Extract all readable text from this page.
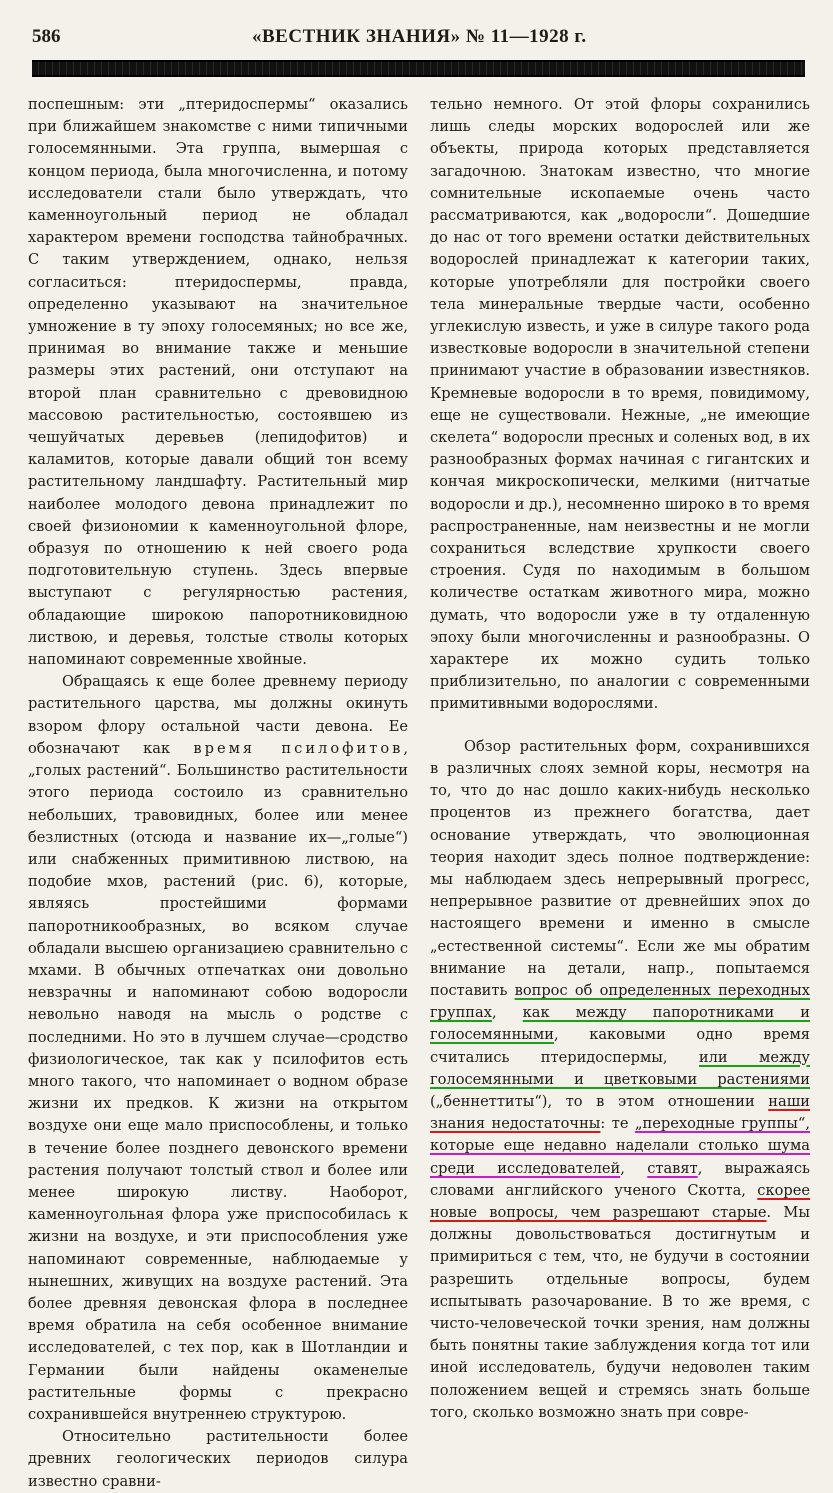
586	«ВЕСТНИК ЗНАНИЯ» № 11—1928 г.

поспешным: эти „птеридоспермы“ оказались при ближайшем знакомстве с ними типичными голосемянными. Эта группа, вымершая с концом периода, была многочисленна, и потому исследователи стали было утверждать, что каменноугольный период не обладал характером времени господства тайнобрачных. С таким утверждением, однако, нельзя согласиться: птеридоспермы, правда, определенно указывают на значительное умножение в ту эпоху голосемяных; но все же, принимая во внимание также и меньшие размеры этих растений, они отступают на второй план сравнительно с древовидною массовою растительностью, состоявшею из чешуйчатых деревьев (лепидофитов) и каламитов, которые давали общий тон всему растительному ландшафту. Растительный мир наиболее молодого девона принадлежит по своей физиономии к каменноугольной флоре, образуя по отношению к ней своего рода подготовительную ступень. Здесь впервые выступают с регулярностью растения, обладающие широкою папоротниковидною листвою, и деревья, толстые стволы которых напоминают современные хвойные.

Обращаясь к еще более древнему периоду растительного царства, мы должны окинуть взором флору остальной части девона. Ее обозначают как время псилофитов, „голых растений“. Большинство растительности этого периода состоило из сравнительно небольших, травовидных, более или менее безлистных (отсюда и название их—„голые“) или снабженных примитивною листвою, на подобие мхов, растений (рис. 6), которые, являясь простейшими формами папоротникообразных, во всяком случае обладали высшею организациею сравнительно с мхами. В обычных отпечатках они довольно невзрачны и напоминают собою водоросли невольно наводя на мысль о родстве с последними. Но это в лучшем случае—сродство физиологическое, так как у псилофитов есть много такого, что напоминает о водном образе жизни их предков. К жизни на открытом воздухе они еще мало приспособлены, и только в течение более позднего девонского времени растения получают толстый ствол и более или менее широкую листву. Наоборот, каменноугольная флора уже приспособилась к жизни на воздухе, и эти приспособления уже напоминают современные, наблюдаемые у нынешних, живущих на воздухе растений. Эта более древняя девонская флора в последнее время обратила на себя особенное внимание исследователей, с тех пор, как в Шотландии и Германии были найдены окаменелые растительные формы с прекрасно сохранившейся внутреннею структурою.

Относительно растительности более древних геологических периодов силура известно сравни-

тельно немного. От этой флоры сохранились лишь следы морских водорослей или же объекты, природа которых представляется загадочною. Знатокам известно, что многие сомнительные ископаемые очень часто рассматриваются, как „водоросли“. Дошедшие до нас от того времени остатки действительных водорослей принадлежат к категории таких, которые употребляли для постройки своего тела минеральные твердые части, особенно углекислую известь, и уже в силуре такого рода известковые водоросли в значительной степени принимают участие в образовании известняков. Кремневые водоросли в то время, повидимому, еще не существовали. Нежные, „не имеющие скелета“ водоросли пресных и соленых вод, в их разнообразных формах начиная с гигантских и кончая микроскопически, мелкими (нитчатые водоросли и др.), несомненно широко в то время распространенные, нам неизвестны и не могли сохраниться вследствие хрупкости своего строения. Судя по находимым в большом количестве остаткам животного мира, можно думать, что водоросли уже в ту отдаленную эпоху были многочисленны и разнообразны. О характере их можно судить только приблизительно, по аналогии с современными примитивными водорослями.

Обзор растительных форм, сохранившихся в различных слоях земной коры, несмотря на то, что до нас дошло каких-нибудь несколько процентов из прежнего богатства, дает основание утверждать, что эволюционная теория находит здесь полное подтверждение: мы наблюдаем здесь непрерывный прогресс, непрерывное развитие от древнейших эпох до настоящего времени и именно в смысле „естественной системы“. Если же мы обратим внимание на детали, напр., попытаемся поставить вопрос об определенных переходных группах, как между папоротниками и голосемянными, каковыми одно время считались птеридоспермы, или между голосемянными и цветковыми растениями („беннеттиты“), то в этом отношении наши знания недостаточны: те „переходные группы“, которые еще недавно наделали столько шума среди исследователей, ставят, выражаясь словами английского ученого Скотта, скорее новые вопросы, чем разрешают старые. Мы должны довольствоваться достигнутым и примириться с тем, что, не будучи в состоянии разрешить отдельные вопросы, будем испытывать разочарование. В то же время, с чисто-человеческой точки зрения, нам должны быть понятны такие заблуждения когда тот или иной исследователь, будучи недоволен таким положением вещей и стремясь знать больше того, сколько возможно знать при совре-
